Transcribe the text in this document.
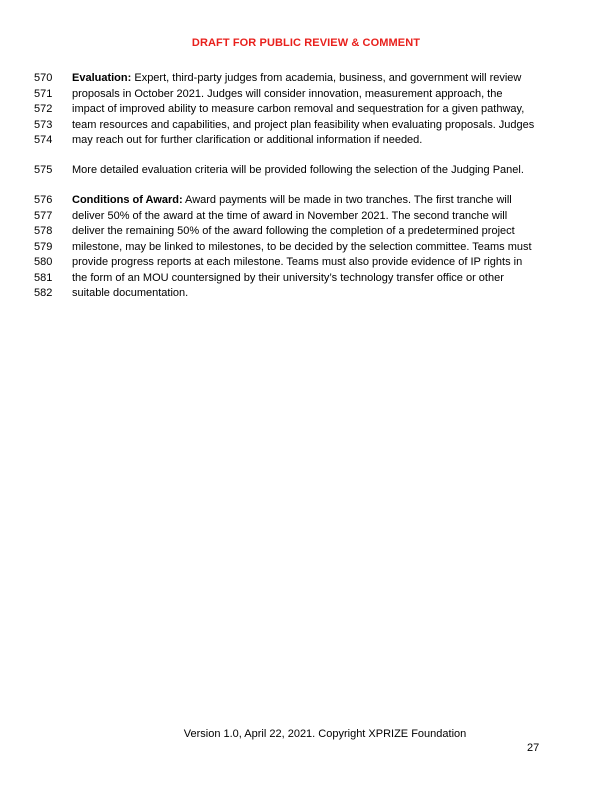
DRAFT FOR PUBLIC REVIEW & COMMENT
570 Evaluation: Expert, third-party judges from academia, business, and government will review
571 proposals in October 2021. Judges will consider innovation, measurement approach, the
572 impact of improved ability to measure carbon removal and sequestration for a given pathway,
573 team resources and capabilities, and project plan feasibility when evaluating proposals. Judges
574 may reach out for further clarification or additional information if needed.
575 More detailed evaluation criteria will be provided following the selection of the Judging Panel.
576 Conditions of Award: Award payments will be made in two tranches. The first tranche will
577 deliver 50% of the award at the time of award in November 2021. The second tranche will
578 deliver the remaining 50% of the award following the completion of a predetermined project
579 milestone, may be linked to milestones, to be decided by the selection committee. Teams must
580 provide progress reports at each milestone. Teams must also provide evidence of IP rights in
581 the form of an MOU countersigned by their university’s technology transfer office or other
582 suitable documentation.
Version 1.0, April 22, 2021. Copyright XPRIZE Foundation
27
